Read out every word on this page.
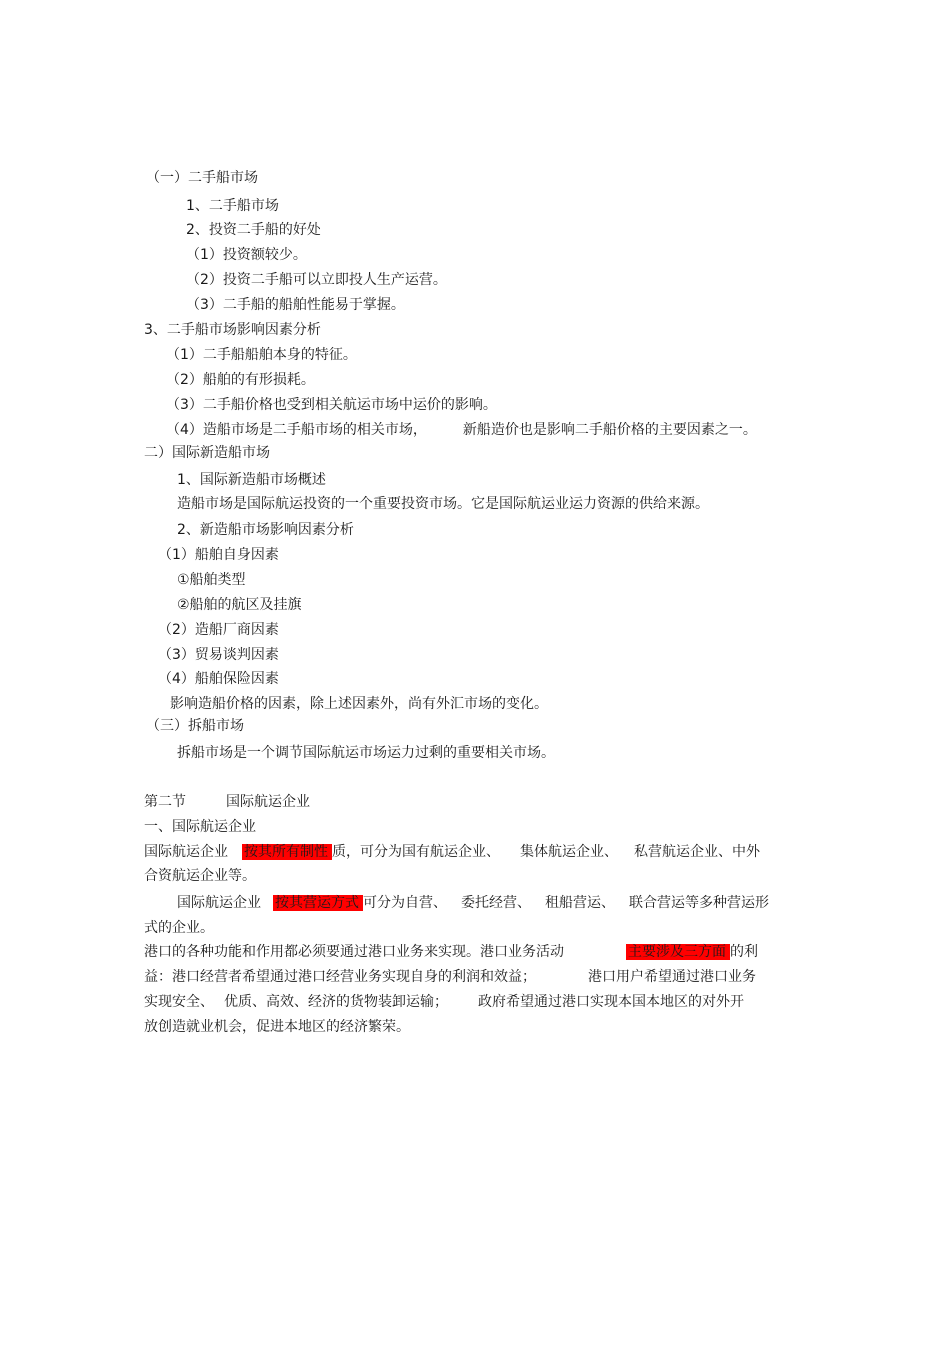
（一）二手船市场
1、二手船市场
2、投资二手船的好处
（1）投资额较少。
（2）投资二手船可以立即投人生产运营。
（3）二手船的船舶性能易于掌握。
3、二手船市场影响因素分析
（1）二手船船舶本身的特征。
（2）船舶的有形损耗。
（3）二手船价格也受到相关航运市场中运价的影响。
（4）造船市场是二手船市场的相关市场，	新船造价也是影响二手船价格的主要因素之一。
二）国际新造船市场
1、国际新造船市场概述
造船市场是国际航运投资的一个重要投资市场。它是国际航运业运力资源的供给来源。
2、新造船市场影响因素分析
（1）船舶自身因素
①船舶类型
②船舶的航区及挂旗
（2）造船厂商因素
（3）贸易谈判因素
（4）船舶保险因素
影响造船价格的因素，除上述因素外，尚有外汇市场的变化。
（三）拆船市场
拆船市场是一个调节国际航运市场运力过剩的重要相关市场。
第二节	国际航运企业
一、国际航运企业
国际航运企业 按其所有制性 质，可分为国有航运企业、 集体航运企业、 私营航运企业、中外
合资航运企业等。
国际航运企业 按其营运方式 可分为自营、 委托经营、 租船营运、 联合营运等多种营运形
式的企业。
港口的各种功能和作用都必须要通过港口业务来实现。港口业务活动	主要涉及三方面 的利
益：港口经营者希望通过港口经营业务实现自身的利润和效益；	港口用户希望通过港口业务
实现安全、 优质、高效、经济的货物装卸运输； 政府希望通过港口实现本国本地区的对外开
放创造就业机会，促进本地区的经济繁荣。
